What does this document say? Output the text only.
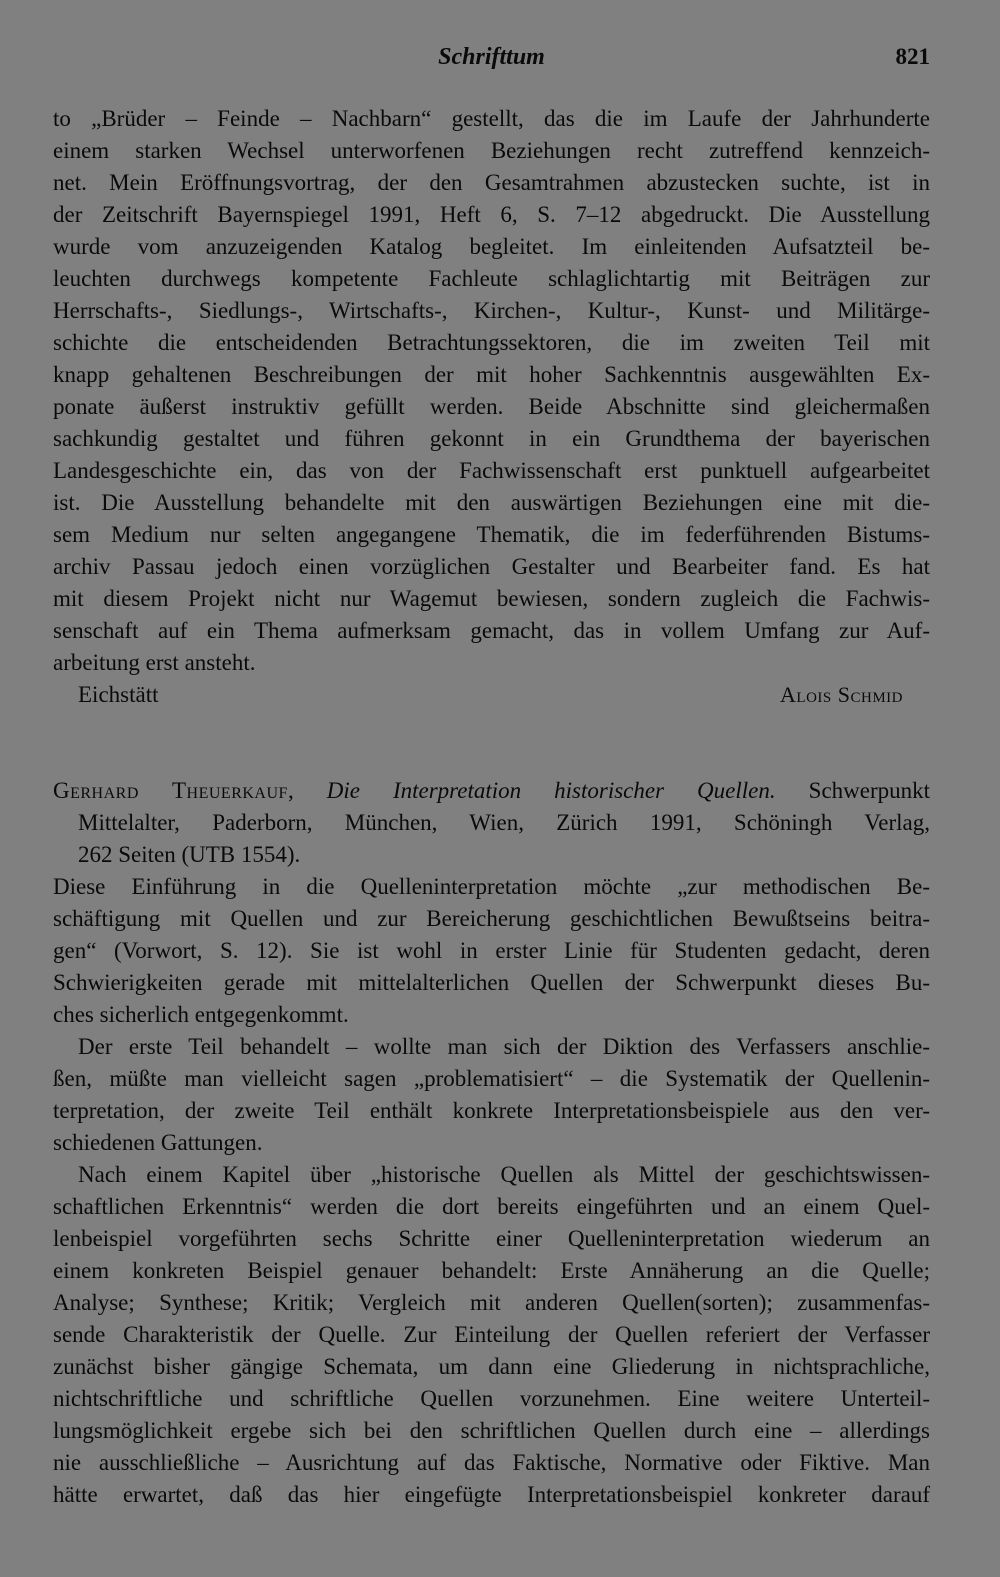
Schrifttum	821
to „Brüder – Feinde – Nachbarn“ gestellt, das die im Laufe der Jahrhunderte
einem starken Wechsel unterworfenen Beziehungen recht zutreffend kennzeich-
net. Mein Eröffnungsvortrag, der den Gesamtrahmen abzustecken suchte, ist in
der Zeitschrift Bayernspiegel 1991, Heft 6, S. 7–12 abgedruckt. Die Ausstellung
wurde vom anzuzeigenden Katalog begleitet. Im einleitenden Aufsatzteil be-
leuchten durchwegs kompetente Fachleute schlaglichtartig mit Beiträgen zur
Herrschafts-, Siedlungs-, Wirtschafts-, Kirchen-, Kultur-, Kunst- und Militärge-
schichte die entscheidenden Betrachtungssektoren, die im zweiten Teil mit
knapp gehaltenen Beschreibungen der mit hoher Sachkenntnis ausgewählten Ex-
ponate äußerst instruktiv gefüllt werden. Beide Abschnitte sind gleichermaßen
sachkundig gestaltet und führen gekonnt in ein Grundthema der bayerischen
Landesgeschichte ein, das von der Fachwissenschaft erst punktuell aufgearbeitet
ist. Die Ausstellung behandelte mit den auswärtigen Beziehungen eine mit die-
sem Medium nur selten angegangene Thematik, die im federführenden Bistums-
archiv Passau jedoch einen vorzüglichen Gestalter und Bearbeiter fand. Es hat
mit diesem Projekt nicht nur Wagemut bewiesen, sondern zugleich die Fachwis-
senschaft auf ein Thema aufmerksam gemacht, das in vollem Umfang zur Auf-
arbeitung erst ansteht.
Eichstätt	Alois Schmid
Gerhard Theuerkauf, Die Interpretation historischer Quellen. Schwerpunkt
Mittelalter, Paderborn, München, Wien, Zürich 1991, Schöningh Verlag,
262 Seiten (UTB 1554).
Diese Einführung in die Quelleninterpretation möchte „zur methodischen Be-
schäftigung mit Quellen und zur Bereicherung geschichtlichen Bewußtseins beitra-
gen“ (Vorwort, S. 12). Sie ist wohl in erster Linie für Studenten gedacht, deren
Schwierigkeiten gerade mit mittelalterlichen Quellen der Schwerpunkt dieses Bu-
ches sicherlich entgegenkommt.
Der erste Teil behandelt – wollte man sich der Diktion des Verfassers anschlie-
ßen, müßte man vielleicht sagen „problematisiert“ – die Systematik der Quellenin-
terpretation, der zweite Teil enthält konkrete Interpretationsbeispiele aus den ver-
schiedenen Gattungen.
Nach einem Kapitel über „historische Quellen als Mittel der geschichtswissen-
schaftlichen Erkenntnis“ werden die dort bereits eingeführten und an einem Quel-
lenbeispiel vorgeführten sechs Schritte einer Quelleninterpretation wiederum an
einem konkreten Beispiel genauer behandelt: Erste Annäherung an die Quelle;
Analyse; Synthese; Kritik; Vergleich mit anderen Quellen(sorten); zusammenfas-
sende Charakteristik der Quelle. Zur Einteilung der Quellen referiert der Verfasser
zunächst bisher gängige Schemata, um dann eine Gliederung in nichtsprachliche,
nichtschriftliche und schriftliche Quellen vorzunehmen. Eine weitere Unterteil-
lungsmöglichkeit ergebe sich bei den schriftlichen Quellen durch eine – allerdings
nie ausschließliche – Ausrichtung auf das Faktische, Normative oder Fiktive. Man
hätte erwartet, daß das hier eingefügte Interpretationsbeispiel konkreter darauf
